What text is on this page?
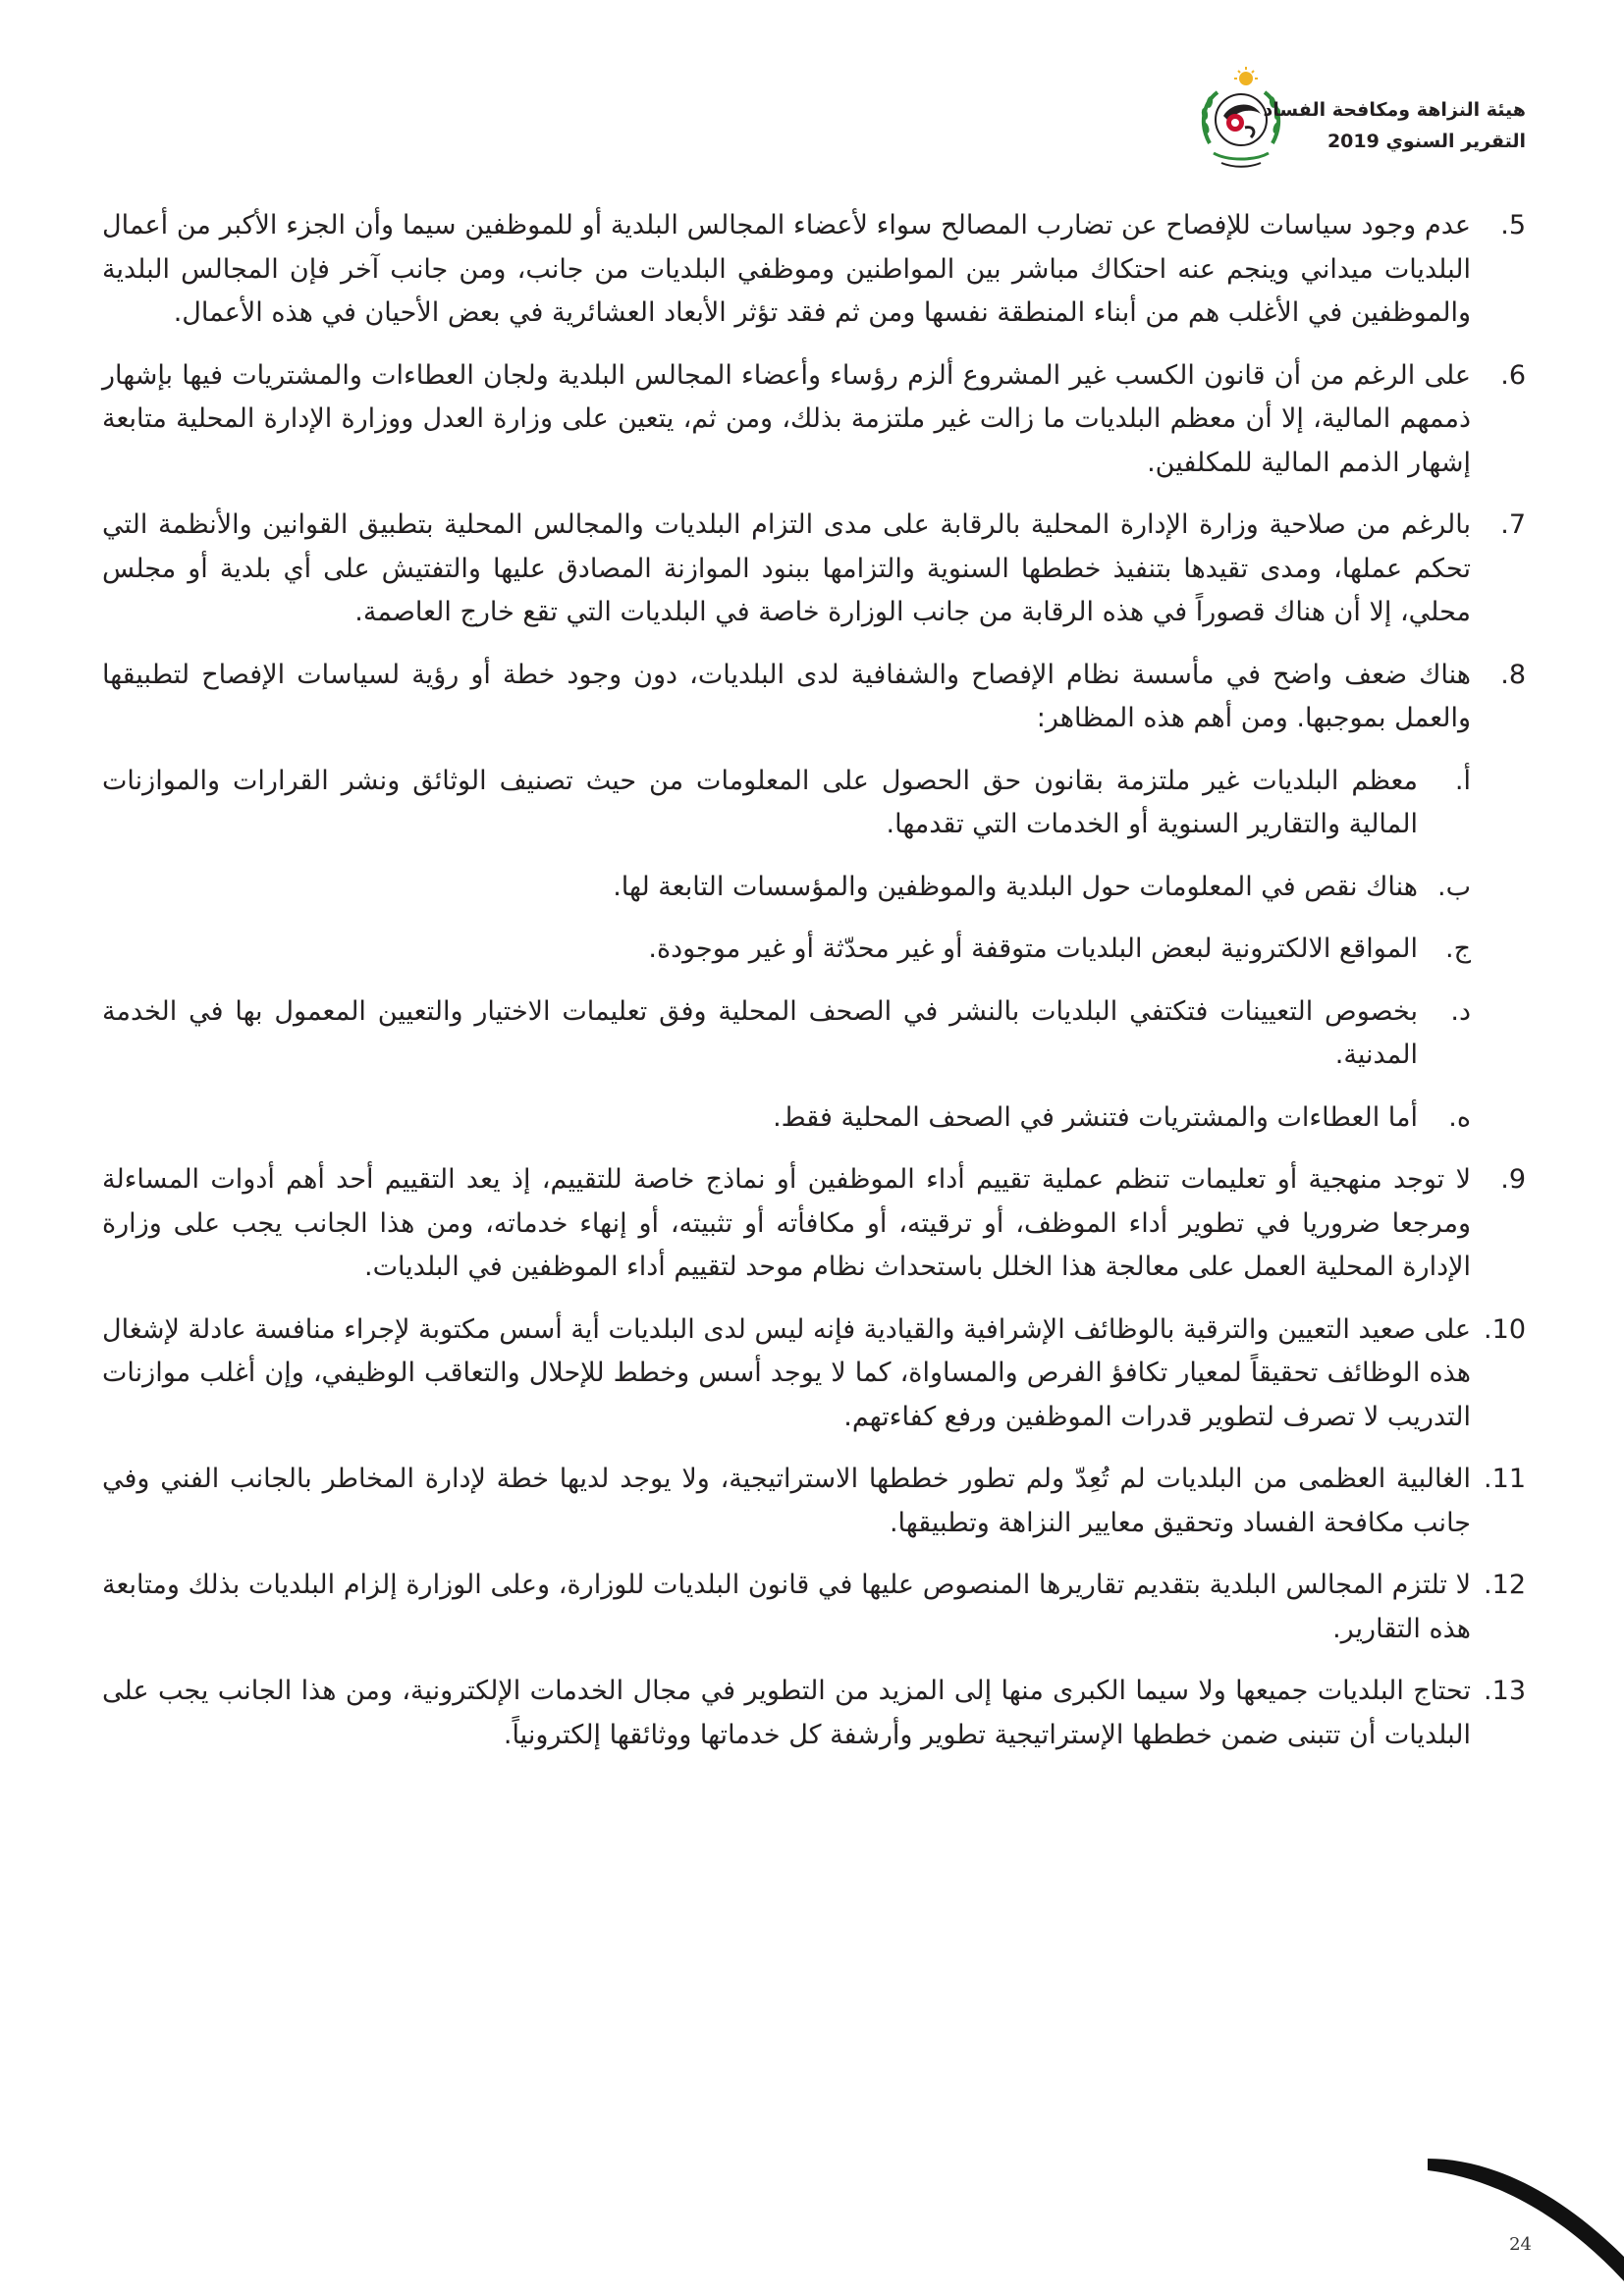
هيئة النزاهة ومكافحة الفساد
التقرير السنوي 2019
5.
عدم وجود سياسات للإفصاح عن تضارب المصالح سواء لأعضاء المجالس البلدية أو للموظفين سيما وأن الجزء الأكبر من أعمال البلديات ميداني وينجم عنه احتكاك مباشر بين المواطنين وموظفي البلديات من جانب، ومن جانب آخر فإن المجالس البلدية والموظفين في الأغلب هم من أبناء المنطقة نفسها ومن ثم فقد تؤثر الأبعاد العشائرية في بعض الأحيان في هذه الأعمال.
6.
على الرغم من أن قانون الكسب غير المشروع ألزم رؤساء وأعضاء المجالس البلدية ولجان العطاءات والمشتريات فيها بإشهار ذممهم المالية، إلا أن معظم البلديات ما زالت غير ملتزمة بذلك، ومن ثم، يتعين على وزارة العدل ووزارة الإدارة المحلية متابعة إشهار الذمم المالية للمكلفين.
7.
بالرغم من صلاحية وزارة الإدارة المحلية بالرقابة على مدى التزام البلديات والمجالس المحلية بتطبيق القوانين والأنظمة التي تحكم عملها، ومدى تقيدها بتنفيذ خططها السنوية والتزامها ببنود الموازنة المصادق عليها والتفتيش على أي بلدية أو مجلس محلي، إلا أن هناك قصوراً في هذه الرقابة من جانب الوزارة خاصة في البلديات التي تقع خارج العاصمة.
8.
هناك ضعف واضح في مأسسة نظام الإفصاح والشفافية لدى البلديات، دون وجود خطة أو رؤية لسياسات الإفصاح لتطبيقها والعمل بموجبها. ومن أهم هذه المظاهر:
أ.
معظم البلديات غير ملتزمة بقانون حق الحصول على المعلومات من حيث تصنيف الوثائق ونشر القرارات والموازنات المالية والتقارير السنوية أو الخدمات التي تقدمها.
ب.
هناك نقص في المعلومات حول البلدية والموظفين والمؤسسات التابعة لها.
ج.
المواقع الالكترونية لبعض البلديات متوقفة أو غير محدّثة أو غير موجودة.
د.
بخصوص التعيينات فتكتفي البلديات بالنشر في الصحف المحلية وفق تعليمات الاختيار والتعيين المعمول بها في الخدمة المدنية.
ه.
أما العطاءات والمشتريات فتنشر في الصحف المحلية فقط.
9.
لا توجد منهجية أو تعليمات تنظم عملية تقييم أداء الموظفين أو نماذج خاصة للتقييم، إذ يعد التقييم أحد أهم أدوات المساءلة ومرجعا ضروريا في تطوير أداء الموظف، أو ترقيته، أو مكافأته أو تثبيته، أو إنهاء خدماته، ومن هذا الجانب يجب على وزارة الإدارة المحلية العمل على معالجة هذا الخلل باستحداث نظام موحد لتقييم أداء الموظفين في البلديات.
10.
على صعيد التعيين والترقية بالوظائف الإشرافية والقيادية فإنه ليس لدى البلديات أية أسس مكتوبة لإجراء منافسة عادلة لإشغال هذه الوظائف تحقيقاً لمعيار تكافؤ الفرص والمساواة، كما لا يوجد أسس وخطط للإحلال والتعاقب الوظيفي، وإن أغلب موازنات التدريب لا تصرف لتطوير قدرات الموظفين ورفع كفاءتهم.
11.
الغالبية العظمى من البلديات لم تُعِدّ ولم تطور خططها الاستراتيجية، ولا يوجد لديها خطة لإدارة المخاطر بالجانب الفني وفي جانب مكافحة الفساد وتحقيق معايير النزاهة وتطبيقها.
12.
لا تلتزم المجالس البلدية بتقديم تقاريرها المنصوص عليها في قانون البلديات للوزارة، وعلى الوزارة إلزام البلديات بذلك ومتابعة هذه التقارير.
13.
تحتاج البلديات جميعها ولا سيما الكبرى منها إلى المزيد من التطوير في مجال الخدمات الإلكترونية، ومن هذا الجانب يجب على البلديات أن تتبنى ضمن خططها الإستراتيجية تطوير وأرشفة كل خدماتها ووثائقها إلكترونياً.
24
